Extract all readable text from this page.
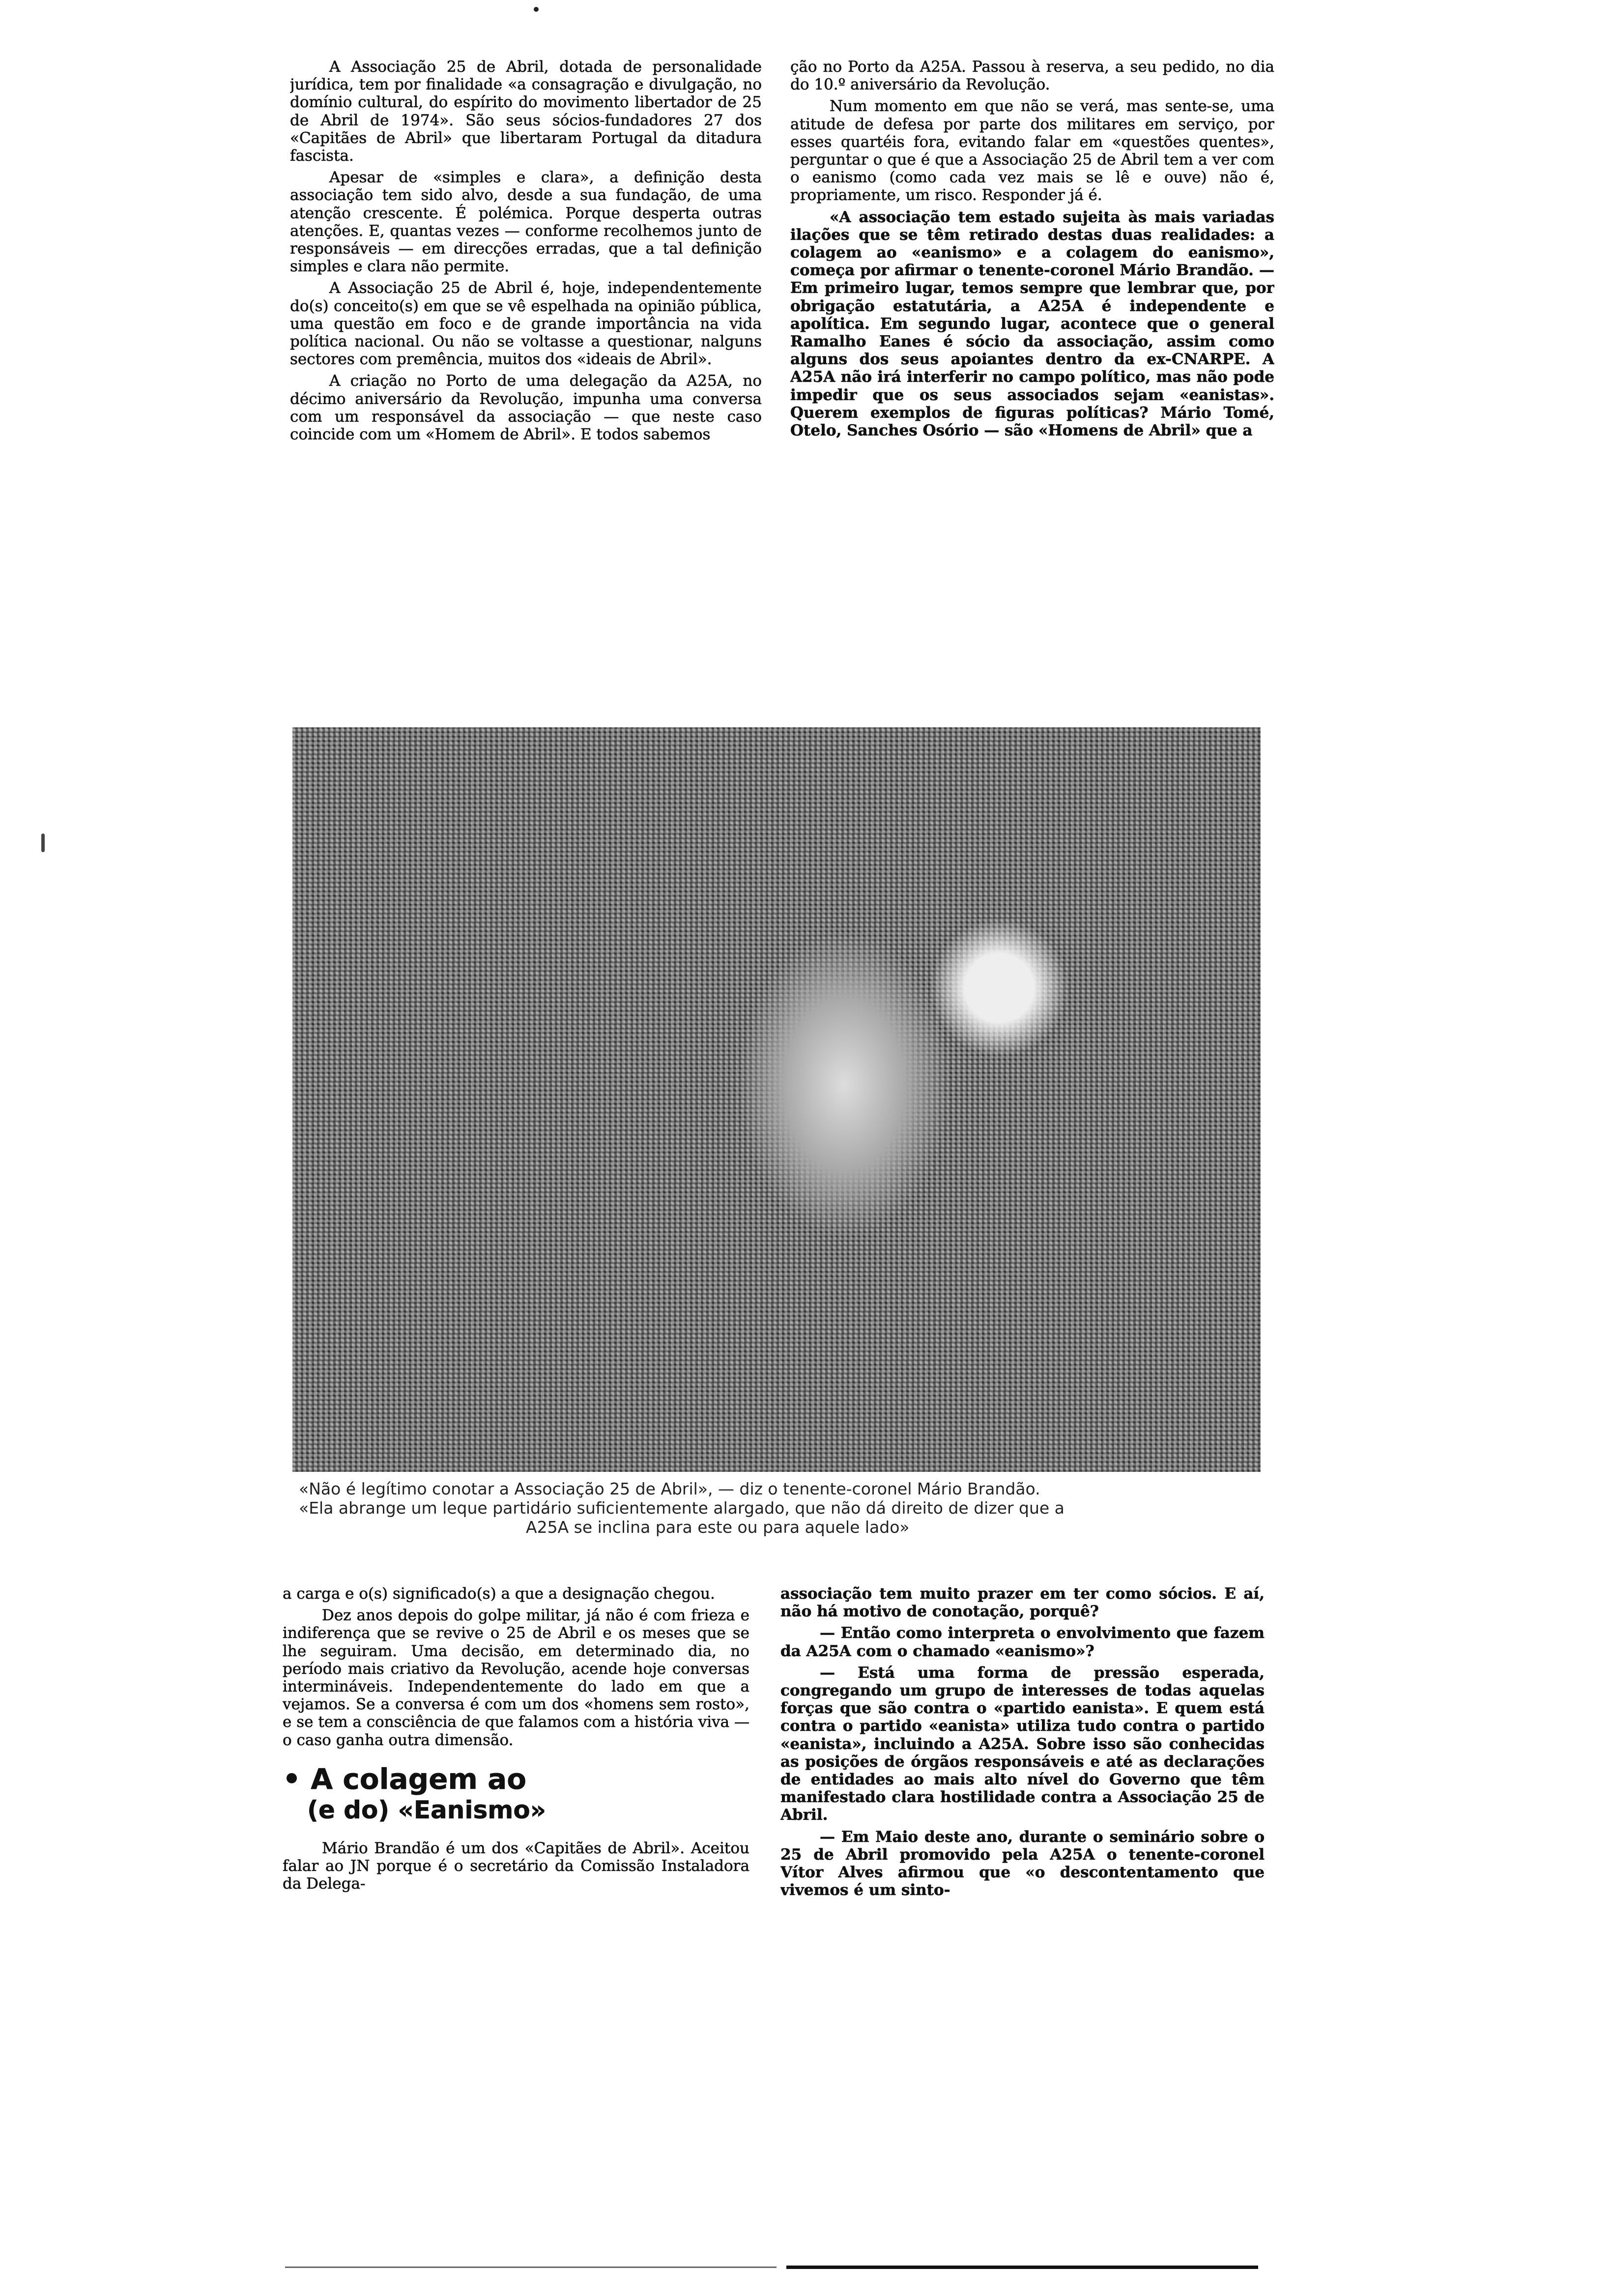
A Associação 25 de Abril, dotada de personalidade jurídica, tem por finalidade «a consagração e divulgação, no domínio cultural, do espírito do movimento libertador de 25 de Abril de 1974». São seus sócios-fundadores 27 dos «Capitães de Abril» que libertaram Portugal da ditadura fascista.

Apesar de «simples e clara», a definição desta associação tem sido alvo, desde a sua fundação, de uma atenção crescente. É polémica. Porque desperta outras atenções. E, quantas vezes — conforme recolhemos junto de responsáveis — em direcções erradas, que a tal definição simples e clara não permite.

A Associação 25 de Abril é, hoje, independentemente do(s) conceito(s) em que se vê espelhada na opinião pública, uma questão em foco e de grande importância na vida política nacional. Ou não se voltasse a questionar, nalguns sectores com premência, muitos dos «ideais de Abril».

A criação no Porto de uma delegação da A25A, no décimo aniversário da Revolução, impunha uma conversa com um responsável da associação — que neste caso coincide com um «Homem de Abril». E todos sabemos

ção no Porto da A25A. Passou à reserva, a seu pedido, no dia do 10.º aniversário da Revolução.

Num momento em que não se verá, mas sente-se, uma atitude de defesa por parte dos militares em serviço, por esses quartéis fora, evitando falar em «questões quentes», perguntar o que é que a Associação 25 de Abril tem a ver com o eanismo (como cada vez mais se lê e ouve) não é, propriamente, um risco. Responder já é.

«A associação tem estado sujeita às mais variadas ilações que se têm retirado destas duas realidades: a colagem ao «eanismo» e a colagem do eanismo», começa por afirmar o tenente-coronel Mário Brandão. — Em primeiro lugar, temos sempre que lembrar que, por obrigação estatutária, a A25A é independente e apolítica. Em segundo lugar, acontece que o general Ramalho Eanes é sócio da associação, assim como alguns dos seus apoiantes dentro da ex-CNARPE. A A25A não irá interferir no campo político, mas não pode impedir que os seus associados sejam «eanistas». Querem exemplos de figuras políticas? Mário Tomé, Otelo, Sanches Osório — são «Homens de Abril» que a

«Não é legítimo conotar a Associação 25 de Abril», — diz o tenente-coronel Mário Brandão.
«Ela abrange um leque partidário suficientemente alargado, que não dá direito de dizer que a
A25A se inclina para este ou para aquele lado»

a carga e o(s) significado(s) a que a designação chegou.

Dez anos depois do golpe militar, já não é com frieza e indiferença que se revive o 25 de Abril e os meses que se lhe seguiram. Uma decisão, em determinado dia, no período mais criativo da Revolução, acende hoje conversas intermináveis. Independentemente do lado em que a vejamos. Se a conversa é com um dos «homens sem rosto», e se tem a consciência de que falamos com a história viva — o caso ganha outra dimensão.

• A colagem ao
(e do) «Eanismo»

Mário Brandão é um dos «Capitães de Abril». Aceitou falar ao JN porque é o secretário da Comissão Instaladora da Delega-

associação tem muito prazer em ter como sócios. E aí, não há motivo de conotação, porquê?

— Então como interpreta o envolvimento que fazem da A25A com o chamado «eanismo»?

— Está uma forma de pressão esperada, congregando um grupo de interesses de todas aquelas forças que são contra o «partido eanista». E quem está contra o partido «eanista» utiliza tudo contra o partido «eanista», incluindo a A25A. Sobre isso são conhecidas as posições de órgãos responsáveis e até as declarações de entidades ao mais alto nível do Governo que têm manifestado clara hostilidade contra a Associação 25 de Abril.

— Em Maio deste ano, durante o seminário sobre o 25 de Abril promovido pela A25A o tenente-coronel Vítor Alves afirmou que «o descontentamento que vivemos é um sinto-
